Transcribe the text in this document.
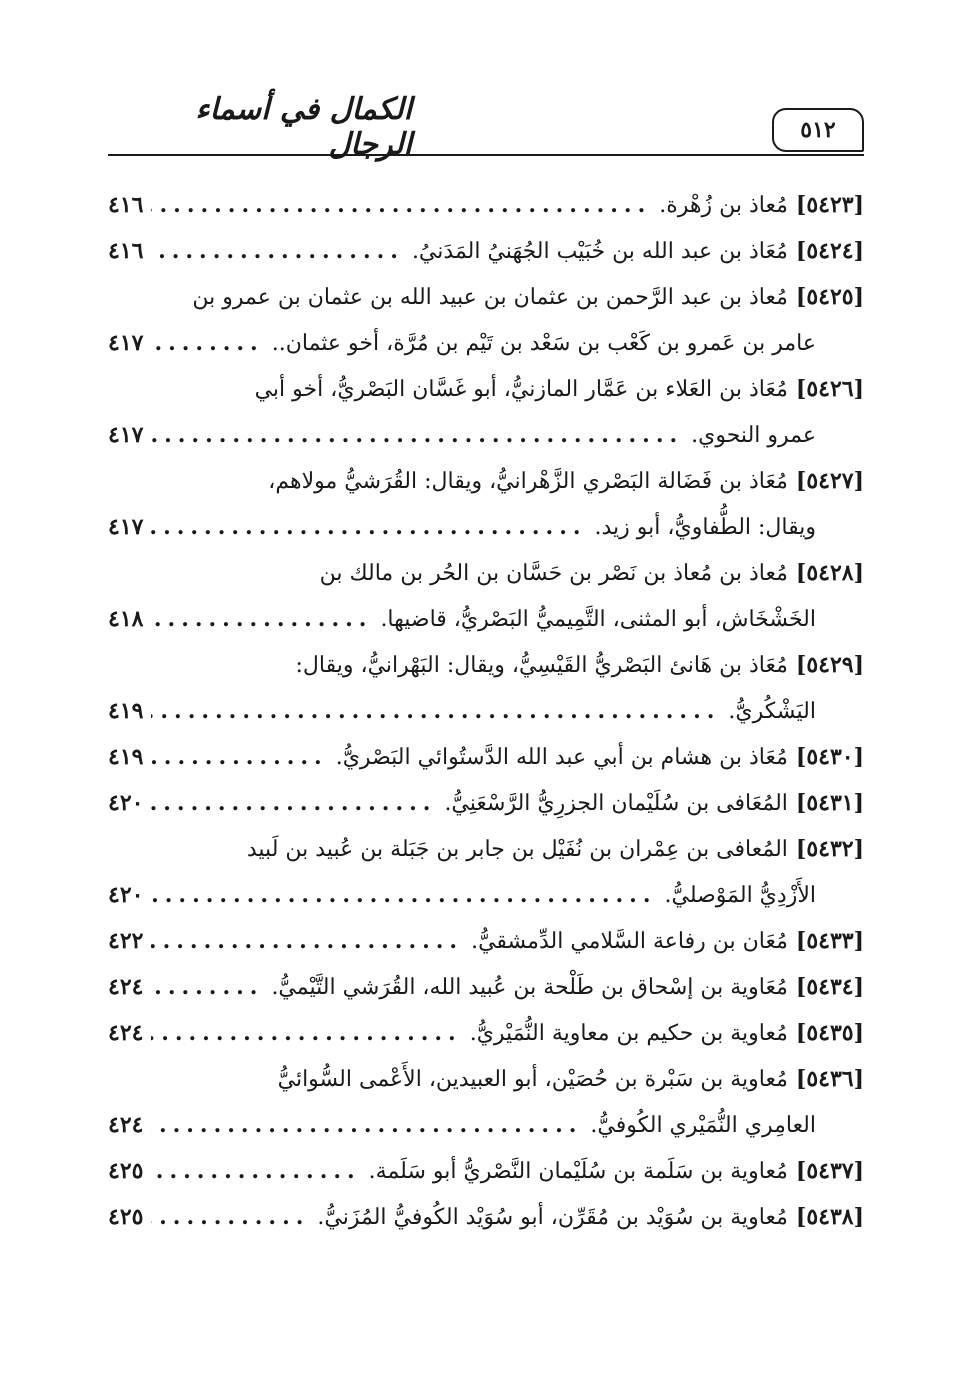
٥١٢
الكمال في أسماء الرجال
[٥٤٢٣]
مُعاذ بن زُهْرة.
.....
٤١٦
[٥٤٢٤]
مُعَاذ بن عبد الله بن خُبَيْب الجُهَنيُ المَدَنيُ.
.....
٤١٦
[٥٤٢٥]
مُعاذ بن عبد الرَّحمن بن عثمان بن عبيد الله بن عثمان بن عمرو بن
عامر بن عَمرو بن كَعْب بن سَعْد بن تَيْم بن مُرَّة، أخو عثمان..
.....
٤١٧
[٥٤٢٦]
مُعَاذ بن العَلاء بن عَمَّار المازنيُّ، أبو غَسَّان البَصْريُّ، أخو أبي
عمرو النحوي.
.....
٤١٧
[٥٤٢٧]
مُعَاذ بن فَضَالة البَصْري الزَّهْرانيُّ، ويقال: القُرَشيُّ مولاهم،
ويقال: الطُّفاويُّ، أبو زيد.
.....
٤١٧
[٥٤٢٨]
مُعاذ بن مُعاذ بن نَصْر بن حَسَّان بن الحُر بن مالك بن
الخَشْخَاش، أبو المثنى، التَّمِيميُّ البَصْريُّ، قاضيها.
.....
٤١٨
[٥٤٢٩]
مُعَاذ بن هَانئ البَصْريُّ القَيْسِيُّ، ويقال: البَهْرانيُّ، ويقال:
اليَشْكُريُّ.
.....
٤١٩
[٥٤٣٠]
مُعَاذ بن هشام بن أبي عبد الله الدَّستُوائي البَصْريُّ.
.....
٤١٩
[٥٤٣١]
المُعَافى بن سُلَيْمان الجزرِيُّ الرَّسْعَنِيُّ.
.....
٤٢٠
[٥٤٣٢]
المُعافى بن عِمْران بن نُفَيْل بن جابر بن جَبَلة بن عُبيد بن لَبيد
الأَزْدِيُّ المَوْصليُّ.
.....
٤٢٠
[٥٤٣٣]
مُعَان بن رفاعة السَّلامي الدِّمشقيُّ.
.....
٤٢٢
[٥٤٣٤]
مُعَاوية بن إسْحاق بن طَلْحة بن عُبيد الله، القُرَشي التَّيْميُّ.
.....
٤٢٤
[٥٤٣٥]
مُعاوية بن حكيم بن معاوية النُّمَيْريُّ.
.....
٤٢٤
[٥٤٣٦]
مُعاوية بن سَبْرة بن حُصَيْن، أبو العبيدين، الأَعْمى السُّوائيُّ
العامِري النُّمَيْري الكُوفيُّ.
.....
٤٢٤
[٥٤٣٧]
مُعاوية بن سَلَمة بن سُلَيْمان النَّصْريُّ أبو سَلَمة.
.....
٤٢٥
[٥٤٣٨]
مُعاوية بن سُوَيْد بن مُقَرِّن، أبو سُوَيْد الكُوفيُّ المُزَنيُّ.
.....
٤٢٥
